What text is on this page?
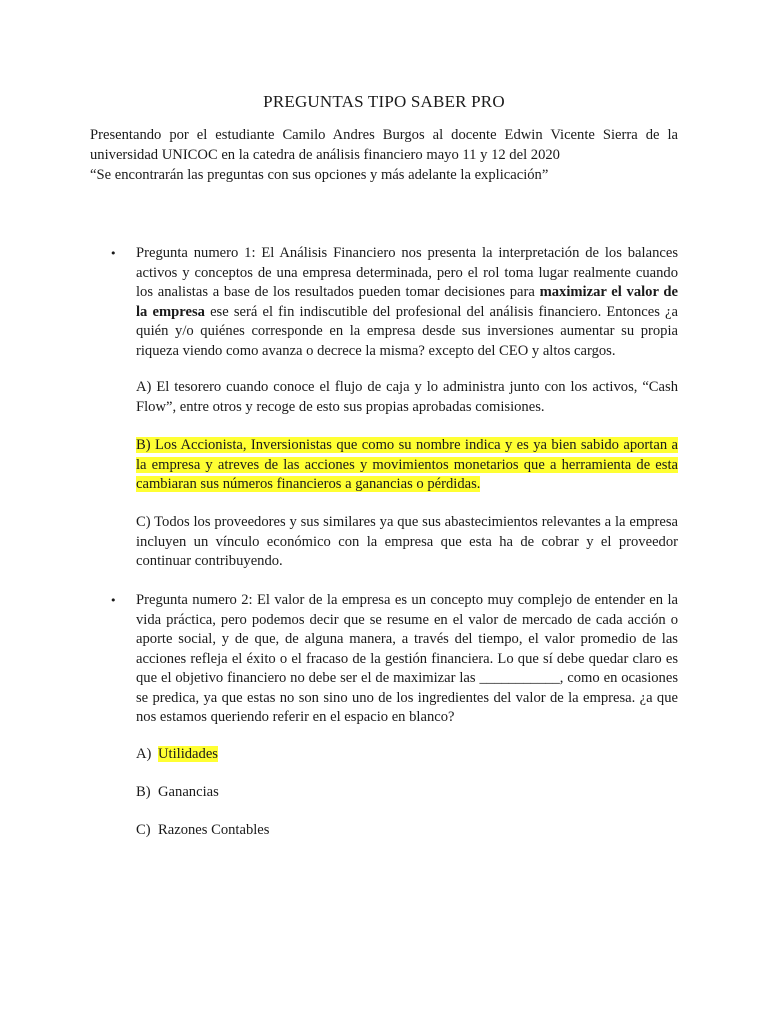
PREGUNTAS TIPO SABER PRO
Presentando por el estudiante Camilo Andres Burgos al docente Edwin Vicente Sierra de la universidad UNICOC en la catedra de análisis financiero mayo 11 y 12 del 2020
“Se encontrarán las preguntas con sus opciones y más adelante la explicación”
•	Pregunta numero 1: El Análisis Financiero nos presenta la interpretación de los balances activos y conceptos de una empresa determinada, pero el rol toma lugar realmente cuando los analistas a base de los resultados pueden tomar decisiones para maximizar el valor de la empresa ese será el fin indiscutible del profesional del análisis financiero. Entonces ¿a quién y/o quiénes corresponde en la empresa desde sus inversiones aumentar su propia riqueza viendo como avanza o decrece la misma? excepto del CEO y altos cargos.
A) El tesorero cuando conoce el flujo de caja y lo administra junto con los activos, “Cash Flow”, entre otros y recoge de esto sus propias aprobadas comisiones.
B) Los Accionista, Inversionistas que como su nombre indica y es ya bien sabido aportan a la empresa y atreves de las acciones y movimientos monetarios que a herramienta de esta cambiaran sus números financieros a ganancias o pérdidas.
C) Todos los proveedores y sus similares ya que sus abastecimientos relevantes a la empresa incluyen un vínculo económico con la empresa que esta ha de cobrar y el proveedor continuar contribuyendo.
•	Pregunta numero 2: El valor de la empresa es un concepto muy complejo de entender en la vida práctica, pero podemos decir que se resume en el valor de mercado de cada acción o aporte social, y de que, de alguna manera, a través del tiempo, el valor promedio de las acciones refleja el éxito o el fracaso de la gestión financiera. Lo que sí debe quedar claro es que el objetivo financiero no debe ser el de maximizar las ___________, como en ocasiones se predica, ya que estas no son sino uno de los ingredientes del valor de la empresa. ¿a que nos estamos queriendo referir en el espacio en blanco?
A) Utilidades
B) Ganancias
C) Razones Contables
